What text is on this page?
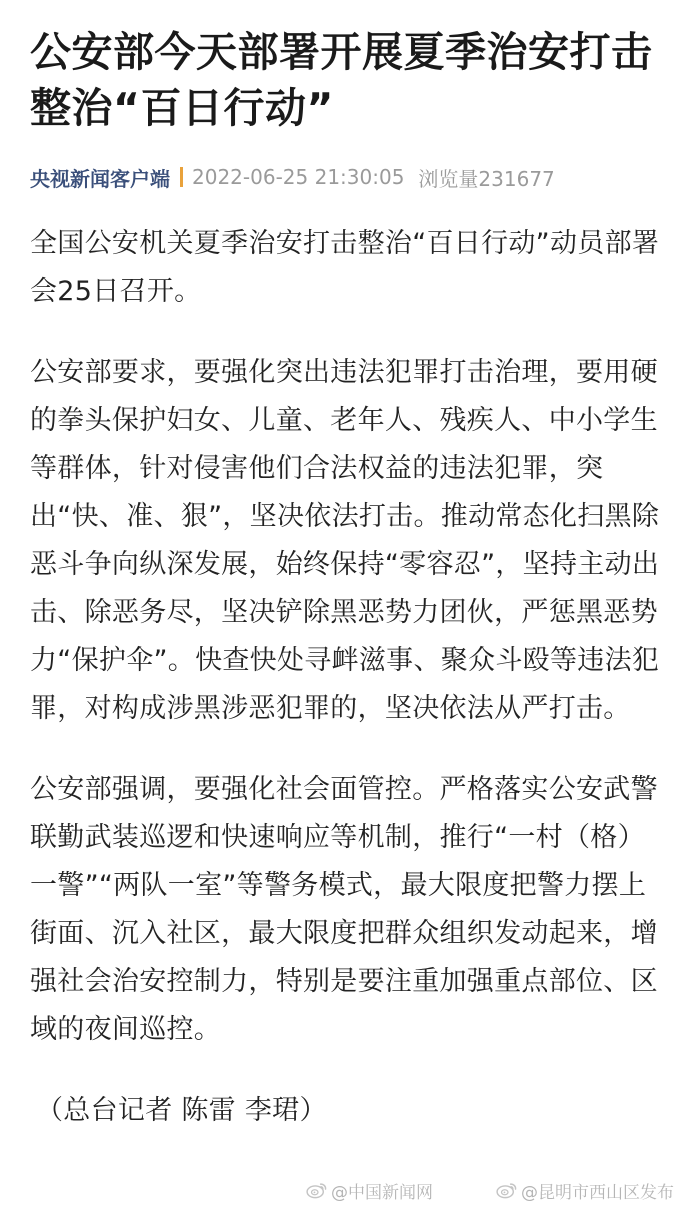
公安部今天部署开展夏季治安打击整治“百日行动”
央视新闻客户端 2022-06-25 21:30:05 浏览量231677

全国公安机关夏季治安打击整治“百日行动”动员部署会25日召开。

公安部要求，要强化突出违法犯罪打击治理，要用硬的拳头保护妇女、儿童、老年人、残疾人、中小学生等群体，针对侵害他们合法权益的违法犯罪，突出“快、准、狠”，坚决依法打击。推动常态化扫黑除恶斗争向纵深发展，始终保持“零容忍”，坚持主动出击、除恶务尽，坚决铲除黑恶势力团伙，严惩黑恶势力“保护伞”。快查快处寻衅滋事、聚众斗殴等违法犯罪，对构成涉黑涉恶犯罪的，坚决依法从严打击。

公安部强调，要强化社会面管控。严格落实公安武警联勤武装巡逻和快速响应等机制，推行“一村（格）一警”“两队一室”等警务模式，最大限度把警力摆上街面、沉入社区，最大限度把群众组织发动起来，增强社会治安控制力，特别是要注重加强重点部位、区域的夜间巡控。

（总台记者 陈雷 李珺）

@中国新闻网	@昆明市西山区发布
